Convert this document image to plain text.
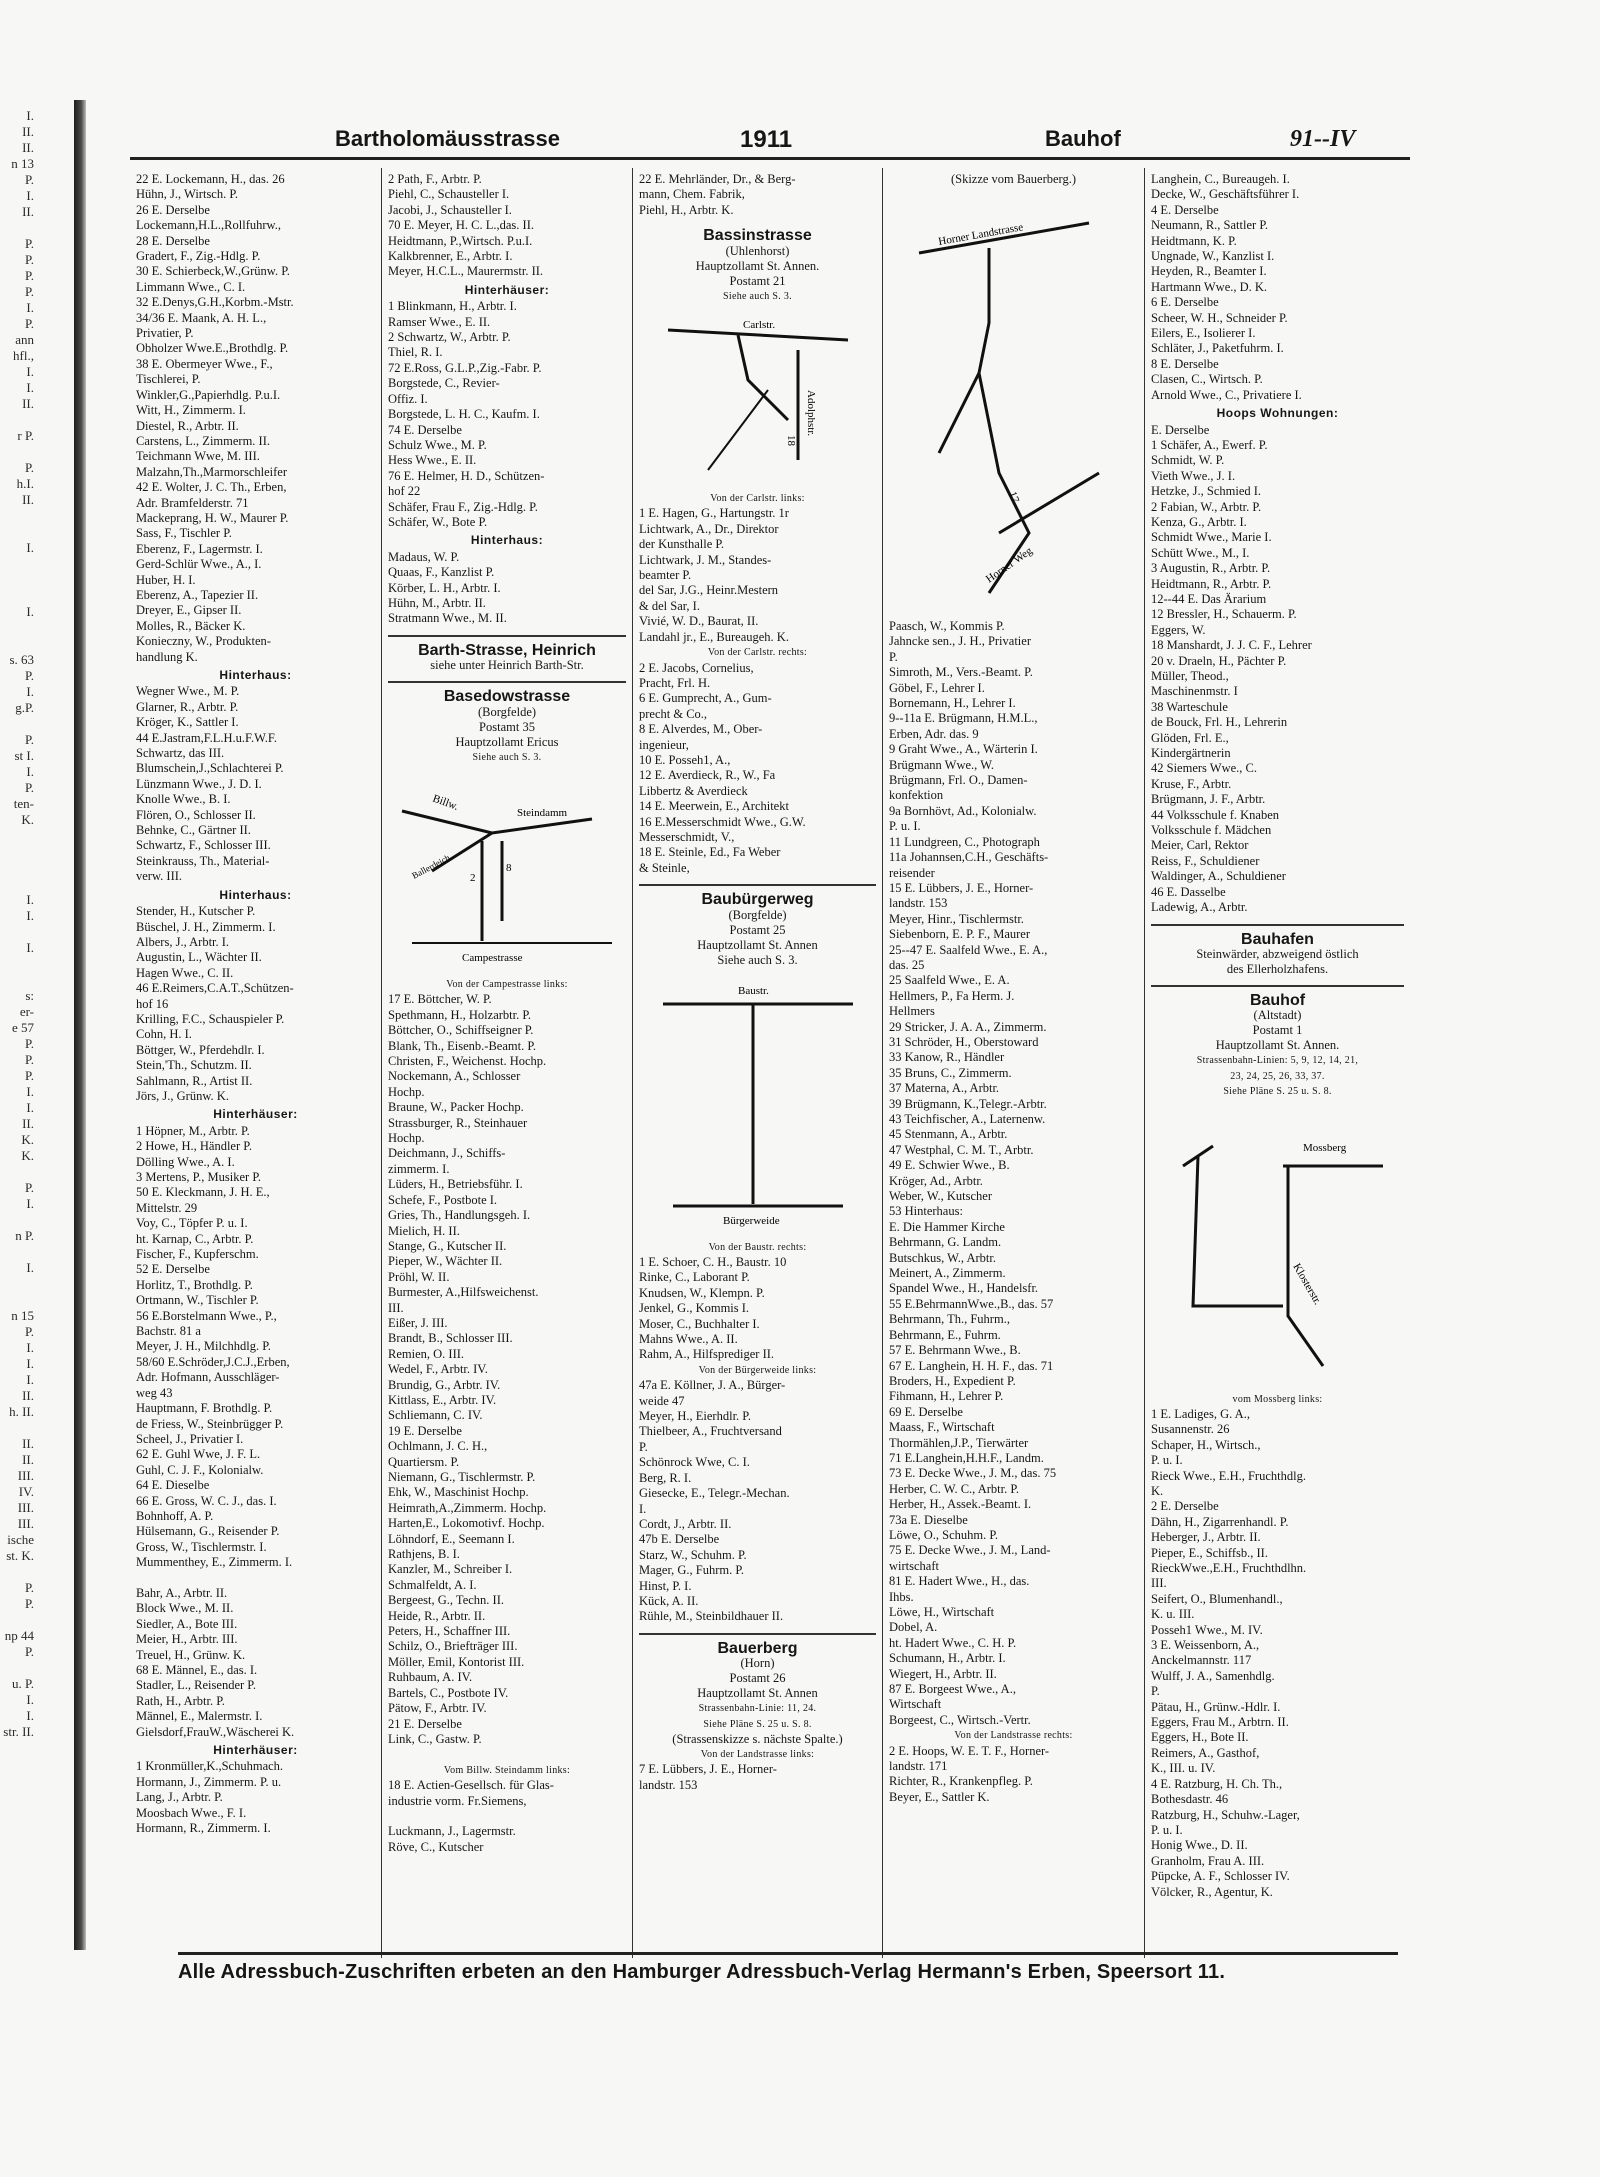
I.
II.
II.
n 13
P.
I.
II.

P.
P.
P.
P.
I.
P.
ann
hfl.,
I.
I.
II.

r P.

P.
h.I.
II.

I.

I.

s. 63
P.
I.
g.P.

P.
st I.
I.
P.
ten-
K.

I.
I.

I.

s:
er-
e 57
P.
P.
P.
I.
I.
II.
K.
K.

P.
I.

n P.

I.

n 15
P.
I.
I.
I.
II.
h. II.

II.
II.
III.
IV.
III.
III.
ische
st. K.

P.
P.

np 44
P.

u. P.
I.
I.
str. II.
Bartholomäusstrasse	1911	Bauhof	91--IV
22 E. Lockemann, H., das. 26
Hühn, J., Wirtsch. P.
26 E. Derselbe
Lockemann,H.L.,Rollfuhrw.,
28 E. Derselbe
Gradert, F., Zig.-Hdlg. P.
30 E. Schierbeck,W.,Grünw. P.
Limmann Wwe., C. I.
32 E.Denys,G.H.,Korbm.-Mstr.
34/36 E. Maank, A. H. L.,
Privatier, P.
Obholzer Wwe.E.,Brothdlg. P.
38 E. Obermeyer Wwe., F.,
Tischlerei, P.
Winkler,G.,Papierhdlg. P.u.I.
Witt, H., Zimmerm. I.
Diestel, R., Arbtr. II.
Carstens, L., Zimmerm. II.
Teichmann Wwe, M. III.
Malzahn,Th.,Marmorschleifer
42 E. Wolter, J. C. Th., Erben,
Adr. Bramfelderstr. 71
Mackeprang, H. W., Maurer P.
Sass, F., Tischler P.
Eberenz, F., Lagermstr. I.
Gerd-Schlür Wwe., A., I.
Huber, H. I.
Eberenz, A., Tapezier II.
Dreyer, E., Gipser II.
Molles, R., Bäcker K.
Konieczny, W., Produkten-
handlung K.
Hinterhaus:
Wegner Wwe., M. P.
Glarner, R., Arbtr. P.
Kröger, K., Sattler I.
44 E.Jastram,F.L.H.u.F.W.F.
Schwartz, das III.
Blumschein,J.,Schlachterei P.
Lünzmann Wwe., J. D. I.
Knolle Wwe., B. I.
Flören, O., Schlosser II.
Behnke, C., Gärtner II.
Schwartz, F., Schlosser III.
Steinkrauss, Th., Material-
verw. III.
Hinterhaus:
Stender, H., Kutscher P.
Büschel, J. H., Zimmerm. I.
Albers, J., Arbtr. I.
Augustin, L., Wächter II.
Hagen Wwe., C. II.
46 E.Reimers,C.A.T.,Schützen-
hof 16
Krilling, F.C., Schauspieler P.
Cohn, H. I.
Böttger, W., Pferdehdlr. I.
Stein,'Th., Schutzm. II.
Sahlmann, R., Artist II.
Jörs, J., Grünw. K.
Hinterhäuser:
1 Höpner, M., Arbtr. P.
2 Howe, H., Händler P.
Dölling Wwe., A. I.
3 Mertens, P., Musiker P.
50 E. Kleckmann, J. H. E.,
Mittelstr. 29
Voy, C., Töpfer P. u. I.
ht. Karnap, C., Arbtr. P.
Fischer, F., Kupferschm.
52 E. Derselbe
Horlitz, T., Brothdlg. P.
Ortmann, W., Tischler P.
56 E.Borstelmann Wwe., P.,
Bachstr. 81 a
Meyer, J. H., Milchhdlg. P.
58/60 E.Schröder,J.C.J.,Erben,
Adr. Hofmann, Ausschläger-
weg 43
Hauptmann, F. Brothdlg. P.
de Friess, W., Steinbrügger P.
Scheel, J., Privatier I.
62 E. Guhl Wwe, J. F. L.
Guhl, C. J. F., Kolonialw.
64 E. Dieselbe
66 E. Gross, W. C. J., das. I.
Bohnhoff, A. P.
Hülsemann, G., Reisender P.
Gross, W., Tischlermstr. I.
Mummenthey, E., Zimmerm. I.

Bahr, A., Arbtr. II.
Block Wwe., M. II.
Siedler, A., Bote III.
Meier, H., Arbtr. III.
Treuel, H., Grünw. K.
68 E. Männel, E., das. I.
Stadler, L., Reisender P.
Rath, H., Arbtr. P.
Männel, E., Malermstr. I.
Gielsdorf,FrauW.,Wäscherei K.
Hinterhäuser:
1 Kronmüller,K.,Schuhmach.
Hormann, J., Zimmerm. P. u.
Lang, J., Arbtr. P.
Moosbach Wwe., F. I.
Hormann, R., Zimmerm. I.
2 Path, F., Arbtr. P.
Piehl, C., Schausteller I.
Jacobi, J., Schausteller I.
70 E. Meyer, H. C. L.,das. II.
Heidtmann, P.,Wirtsch. P.u.I.
Kalkbrenner, E., Arbtr. I.
Meyer, H.C.L., Maurermstr. II.
Hinterhäuser:
1 Blinkmann, H., Arbtr. I.
Ramser Wwe., E. II.
2 Schwartz, W., Arbtr. P.
Thiel, R. I.
72 E.Ross, G.L.P.,Zig.-Fabr. P.
Borgstede, C., Revier-
Offiz. I.
Borgstede, L. H. C., Kaufm. I.
74 E. Derselbe
Schulz Wwe., M. P.
Hess Wwe., E. II.
76 E. Helmer, H. D., Schützen-
hof 22
Schäfer, Frau F., Zig.-Hdlg. P.
Schäfer, W., Bote P.
Hinterhaus:
Madaus, W. P.
Quaas, F., Kanzlist P.
Körber, L. H., Arbtr. I.
Hühn, M., Arbtr. II.
Stratmann Wwe., M. II.
Barth-Strasse, Heinrich
siehe unter Heinrich Barth-Str.
Basedowstrasse
(Borgfelde)
Postamt 35
Hauptzollamt Ericus
Siehe auch S. 3.
Billw.
Steindamm
Ballerdeich
Campestrasse
2
8
Von der Campestrasse links:
17 E. Böttcher, W. P.
Spethmann, H., Holzarbtr. P.
Böttcher, O., Schiffseigner P.
Blank, Th., Eisenb.-Beamt. P.
Christen, F., Weichenst. Hochp.
Nockemann, A., Schlosser
Hochp.
Braune, W., Packer Hochp.
Strassburger, R., Steinhauer
Hochp.
Deichmann, J., Schiffs-
zimmerm. I.
Lüders, H., Betriebsführ. I.
Schefe, F., Postbote I.
Gries, Th., Handlungsgeh. I.
Mielich, H. II.
Stange, G., Kutscher II.
Pieper, W., Wächter II.
Pröhl, W. II.
Burmester, A.,Hilfsweichenst.
III.
Eißer, J. III.
Brandt, B., Schlosser III.
Remien, O. III.
Wedel, F., Arbtr. IV.
Brundig, G., Arbtr. IV.
Kittlass, E., Arbtr. IV.
Schliemann, C. IV.
19 E. Derselbe
Ochlmann, J. C. H.,
Quartiersm. P.
Niemann, G., Tischlermstr. P.
Ehk, W., Maschinist Hochp.
Heimrath,A.,Zimmerm. Hochp.
Harten,E., Lokomotivf. Hochp.
Löhndorf, E., Seemann I.
Rathjens, B. I.
Kanzler, M., Schreiber I.
Schmalfeldt, A. I.
Bergeest, G., Techn. II.
Heide, R., Arbtr. II.
Peters, H., Schaffner III.
Schilz, O., Briefträger III.
Möller, Emil, Kontorist III.
Ruhbaum, A. IV.
Bartels, C., Postbote IV.
Pätow, F., Arbtr. IV.
21 E. Derselbe
Link, C., Gastw. P.

Vom Billw. Steindamm links:
18 E. Actien-Gesellsch. für Glas-
industrie vorm. Fr.Siemens,

Luckmann, J., Lagermstr.
Röve, C., Kutscher
22 E. Mehrländer, Dr., & Berg-
mann, Chem. Fabrik,
Piehl, H., Arbtr. K.
Bassinstrasse
(Uhlenhorst)
Hauptzollamt St. Annen.
Postamt 21
Siehe auch S. 3.
Carlstr.
Adolphstr.
18
Von der Carlstr. links:
1 E. Hagen, G., Hartungstr. 1r
Lichtwark, A., Dr., Direktor
der Kunsthalle P.
Lichtwark, J. M., Standes-
beamter P.
del Sar, J.G., Heinr.Mestern
& del Sar, I.
Vivié, W. D., Baurat, II.
Landahl jr., E., Bureaugeh. K.
Von der Carlstr. rechts:
2 E. Jacobs, Cornelius,
Pracht, Frl. H.
6 E. Gumprecht, A., Gum-
precht & Co.,
8 E. Alverdes, M., Ober-
ingenieur,
10 E. Posseh1, A.,
12 E. Averdieck, R., W., Fa
Libbertz & Averdieck
14 E. Meerwein, E., Architekt
16 E.Messerschmidt Wwe., G.W.
Messerschmidt, V.,
18 E. Steinle, Ed., Fa Weber
& Steinle,
Baubürgerweg
(Borgfelde)
Postamt 25
Hauptzollamt St. Annen
Siehe auch S. 3.
Baustr.
Bürgerweide
Von der Baustr. rechts:
1 E. Schoer, C. H., Baustr. 10
Rinke, C., Laborant P.
Knudsen, W., Klempn. P.
Jenkel, G., Kommis I.
Moser, C., Buchhalter I.
Mahns Wwe., A. II.
Rahm, A., Hilfsprediger II.
Von der Bürgerweide links:
47a E. Köllner, J. A., Bürger-
weide 47
Meyer, H., Eierhdlr. P.
Thielbeer, A., Fruchtversand
P.
Schönrock Wwe, C. I.
Berg, R. I.
Giesecke, E., Telegr.-Mechan.
I.
Cordt, J., Arbtr. II.
47b E. Derselbe
Starz, W., Schuhm. P.
Mager, G., Fuhrm. P.
Hinst, P. I.
Kück, A. II.
Rühle, M., Steinbildhauer II.
Bauerberg
(Horn)
Postamt 26
Hauptzollamt St. Annen
Strassenbahn-Linie: 11, 24.
Siehe Pläne S. 25 u. S. 8.
(Strassenskizze s. nächste Spalte.)
Von der Landstrasse links:
7 E. Lübbers, J. E., Horner-
landstr. 153
(Skizze vom Bauerberg.)
Horner Landstrasse
Horner Weg
17
Paasch, W., Kommis P.
Jahncke sen., J. H., Privatier
P.
Simroth, M., Vers.-Beamt. P.
Göbel, F., Lehrer I.
Bornemann, H., Lehrer I.
9--11a E. Brügmann, H.M.L.,
Erben, Adr. das. 9
9 Graht Wwe., A., Wärterin I.
Brügmann Wwe., W.
Brügmann, Frl. O., Damen-
konfektion
9a Bornhövt, Ad., Kolonialw.
P. u. I.
11 Lundgreen, C., Photograph
11a Johannsen,C.H., Geschäfts-
reisender
15 E. Lübbers, J. E., Horner-
landstr. 153
Meyer, Hinr., Tischlermstr.
Siebenborn, E. P. F., Maurer
25--47 E. Saalfeld Wwe., E. A.,
das. 25
25 Saalfeld Wwe., E. A.
Hellmers, P., Fa Herm. J.
Hellmers
29 Stricker, J. A. A., Zimmerm.
31 Schröder, H., Oberstoward
33 Kanow, R., Händler
35 Bruns, C., Zimmerm.
37 Materna, A., Arbtr.
39 Brügmann, K.,Telegr.-Arbtr.
43 Teichfischer, A., Laternenw.
45 Stenmann, A., Arbtr.
47 Westphal, C. M. T., Arbtr.
49 E. Schwier Wwe., B.
Kröger, Ad., Arbtr.
Weber, W., Kutscher
53 Hinterhaus:
E. Die Hammer Kirche
Behrmann, G. Landm.
Butschkus, W., Arbtr.
Meinert, A., Zimmerm.
Spandel Wwe., H., Handelsfr.
55 E.BehrmannWwe.,B., das. 57
Behrmann, Th., Fuhrm.,
Behrmann, E., Fuhrm.
57 E. Behrmann Wwe., B.
67 E. Langhein, H. H. F., das. 71
Broders, H., Expedient P.
Fihmann, H., Lehrer P.
69 E. Derselbe
Maass, F., Wirtschaft
Thormählen,J.P., Tierwärter
71 E.Langhein,H.H.F., Landm.
73 E. Decke Wwe., J. M., das. 75
Herber, C. W. C., Arbtr. P.
Herber, H., Assek.-Beamt. I.
73a E. Dieselbe
Löwe, O., Schuhm. P.
75 E. Decke Wwe., J. M., Land-
wirtschaft
81 E. Hadert Wwe., H., das.
Ihbs.
Löwe, H., Wirtschaft
Dobel, A.
ht. Hadert Wwe., C. H. P.
Schumann, H., Arbtr. I.
Wiegert, H., Arbtr. II.
87 E. Borgeest Wwe., A.,
Wirtschaft
Borgeest, C., Wirtsch.-Vertr.
Von der Landstrasse rechts:
2 E. Hoops, W. E. T. F., Horner-
landstr. 171
Richter, R., Krankenpfleg. P.
Beyer, E., Sattler K.
Langhein, C., Bureaugeh. I.
Decke, W., Geschäftsführer I.
4 E. Derselbe
Neumann, R., Sattler P.
Heidtmann, K. P.
Ungnade, W., Kanzlist I.
Heyden, R., Beamter I.
Hartmann Wwe., D. K.
6 E. Derselbe
Scheer, W. H., Schneider P.
Eilers, E., Isolierer I.
Schläter, J., Paketfuhrm. I.
8 E. Derselbe
Clasen, C., Wirtsch. P.
Arnold Wwe., C., Privatiere I.
Hoops Wohnungen:
E. Derselbe
1 Schäfer, A., Ewerf. P.
Schmidt, W. P.
Vieth Wwe., J. I.
Hetzke, J., Schmied I.
2 Fabian, W., Arbtr. P.
Kenza, G., Arbtr. I.
Schmidt Wwe., Marie I.
Schütt Wwe., M., I.
3 Augustin, R., Arbtr. P.
Heidtmann, R., Arbtr. P.
12--44 E. Das Ärarium
12 Bressler, H., Schauerm. P.
Eggers, W.
18 Manshardt, J. J. C. F., Lehrer
20 v. Draeln, H., Pächter P.
Müller, Theod.,
Maschinenmstr. I
38 Warteschule
de Bouck, Frl. H., Lehrerin
Glöden, Frl. E.,
Kindergärtnerin
42 Siemers Wwe., C.
Kruse, F., Arbtr.
Brügmann, J. F., Arbtr.
44 Volksschule f. Knaben
Volksschule f. Mädchen
Meier, Carl, Rektor
Reiss, F., Schuldiener
Waldinger, A., Schuldiener
46 E. Dasselbe
Ladewig, A., Arbtr.
Bauhafen
Steinwärder, abzweigend östlich
des Ellerholzhafens.
Bauhof
(Altstadt)
Postamt 1
Hauptzollamt St. Annen.
Strassenbahn-Linien: 5, 9, 12, 14, 21,
23, 24, 25, 26, 33, 37.
Siehe Pläne S. 25 u. S. 8.
Mossberg
Klosterstr.
vom Mossberg links:
1 E. Ladiges, G. A.,
Susannenstr. 26
Schaper, H., Wirtsch.,
P. u. I.
Rieck Wwe., E.H., Fruchthdlg.
K.
2 E. Derselbe
Dähn, H., Zigarrenhandl. P.
Heberger, J., Arbtr. II.
Pieper, E., Schiffsb., II.
RieckWwe.,E.H., Fruchthdlhn.
III.
Seifert, O., Blumenhandl.,
K. u. III.
Posseh1 Wwe., M. IV.
3 E. Weissenborn, A.,
Anckelmannstr. 117
Wulff, J. A., Samenhdlg.
P.
Pätau, H., Grünw.-Hdlr. I.
Eggers, Frau M., Arbtrn. II.
Eggers, H., Bote II.
Reimers, A., Gasthof,
K., III. u. IV.
4 E. Ratzburg, H. Ch. Th.,
Bothesdastr. 46
Ratzburg, H., Schuhw.-Lager,
P. u. I.
Honig Wwe., D. II.
Granholm, Frau A. III.
Püpcke, A. F., Schlosser IV.
Völcker, R., Agentur, K.
Alle Adressbuch-Zuschriften erbeten an den Hamburger Adressbuch-Verlag Hermann's Erben, Speersort 11.
